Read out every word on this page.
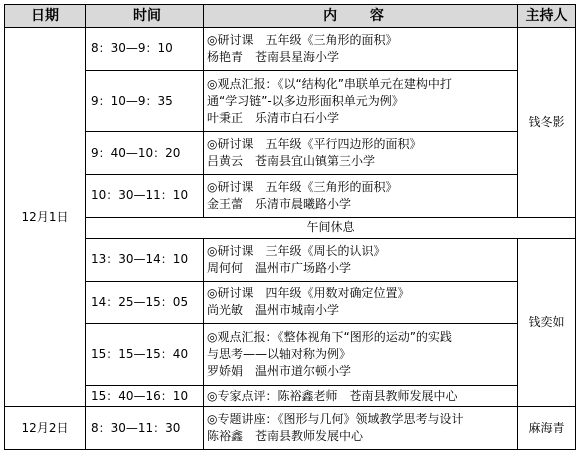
日期	时间	内 容	主持人
12月1日	8：30—9：10	◎研讨课　五年级《三角形的面积》
杨艳青　苍南县星海小学	钱冬影
	9：10—9：35	◎观点汇报：《以“结构化”串联单元在建构中打
通“学习链”-以多边形面积单元为例》
叶秉正　乐清市白石小学	

	9：40—10：20	◎研讨课　五年级《平行四边形的面积》
吕黄云　苍南县宜山镇第三小学	

	10：30—11：10	◎研讨课　五年级《三角形的面积》
金王蕾　乐清市晨曦路小学	

	午间休息		
	13：30—14：10	◎研讨课　三年级《周长的认识》
周何何　温州市广场路小学	钱奕如
	14：25—15：05	◎研讨课　四年级《用数对确定位置》
尚光敏　温州市城南小学	

	15：15—15：40	◎观点汇报：《整体视角下“图形的运动”的实践
与思考——以轴对称为例》
罗娇娟　温州市道尔顿小学	

	15：40—16：10	◎专家点评：陈裕鑫老师　苍南县教师发展中心	

12月2日	8：30—11：30	◎专题讲座：《图形与几何》领域教学思考与设计
陈裕鑫　苍南县教师发展中心	麻海青
